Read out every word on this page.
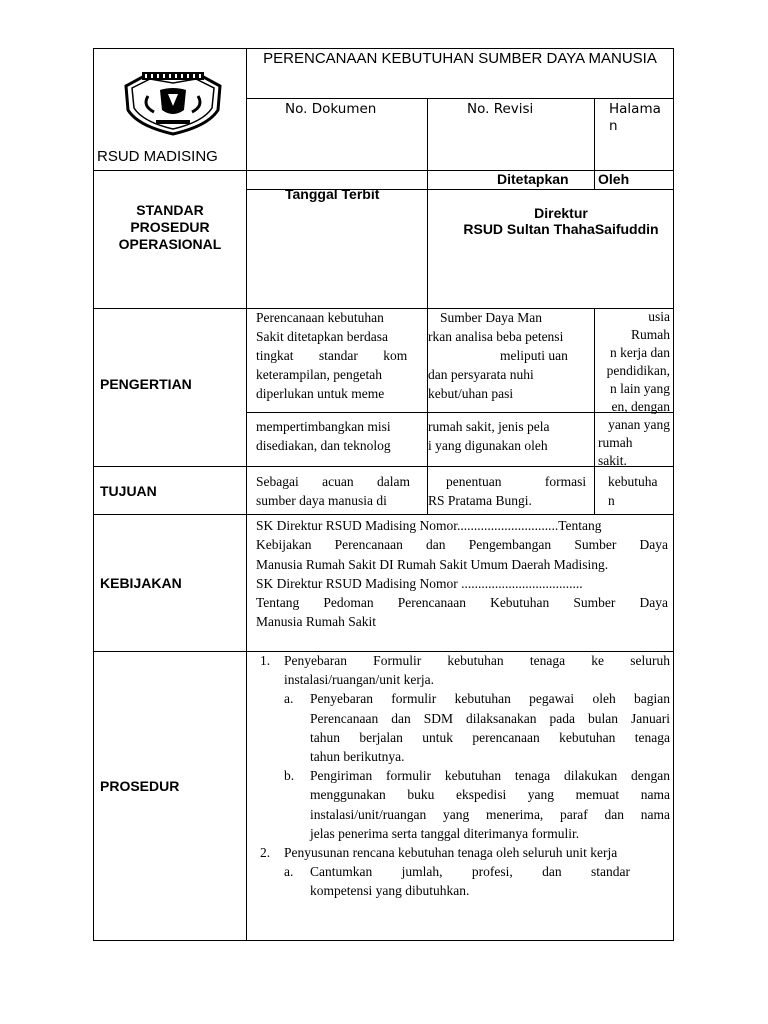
RSUD MADISING
PERENCANAAN KEBUTUHAN SUMBER DAYA MANUSIA
No. Dokumen	No. Revisi	Halama
n
Ditetapkan Oleh
STANDAR
PROSEDUR
OPERASIONAL
Tanggal Terbit
Direktur
RSUD Sultan ThahaSaifuddin
PENGERTIAN
Perencanaan kebutuhan
Sakit ditetapkan berdasa
tingkat standar kom
keterampilan, pengetah
diperlukan untuk meme
mempertimbangkan misi
disediakan, dan teknolog
Sumber Daya Man
rkan analisa beba petensi
meliputi uan
dan persyarata nuhi
kebut/uhan pasi
rumah sakit, jenis pela
i yang digunakan oleh
usia
Rumah
n kerja dan
pendidikan,
n lain yang
en, dengan
yanan yang
rumah
sakit.
TUJUAN
Sebagai acuan dalam
sumber daya manusia di
penentuan formasi
RS Pratama Bungi.
kebutuha
n
KEBIJAKAN
SK Direktur RSUD Madising Nomor..............................Tentang
Kebijakan Perencanaan dan Pengembangan Sumber Daya
Manusia Rumah Sakit DI Rumah Sakit Umum Daerah Madising.
SK Direktur RSUD Madising Nomor ....................................
Tentang Pedoman Perencanaan Kebutuhan Sumber Daya
Manusia Rumah Sakit
PROSEDUR
1. Penyebaran Formulir kebutuhan tenaga ke seluruh
instalasi/ruangan/unit kerja.
a. Penyebaran formulir kebutuhan pegawai oleh bagian
Perencanaan dan SDM dilaksanakan pada bulan Januari
tahun berjalan untuk perencanaan kebutuhan tenaga
tahun berikutnya.
b. Pengiriman formulir kebutuhan tenaga dilakukan dengan
menggunakan buku ekspedisi yang memuat nama
instalasi/unit/ruangan yang menerima, paraf dan nama
jelas penerima serta tanggal diterimanya formulir.
2. Penyusunan rencana kebutuhan tenaga oleh seluruh unit kerja
a. Cantumkan jumlah, profesi, dan standar
kompetensi yang dibutuhkan.
